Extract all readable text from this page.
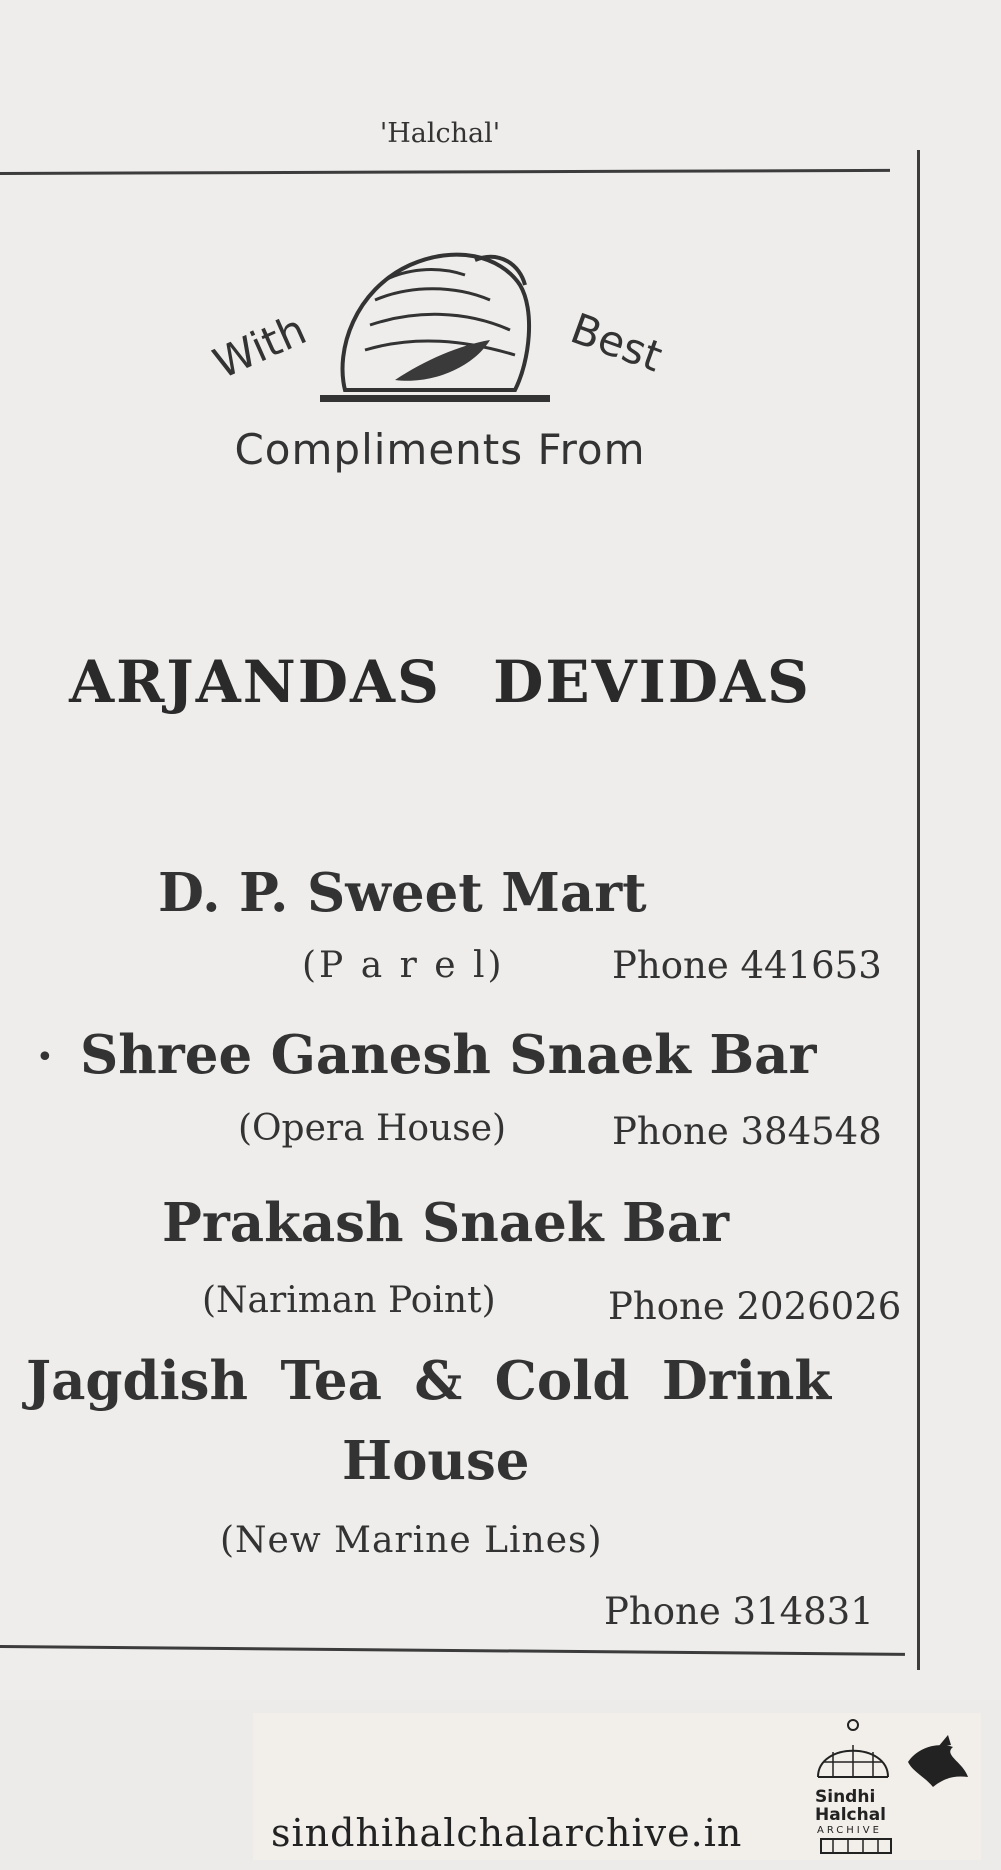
'Halchal'
With	Best
Compliments From
ARJANDAS DEVIDAS
D. P. Sweet Mart
(P a r e l)	Phone 441653
• Shree Ganesh Snaek Bar
(Opera House)	Phone 384548
Prakash Snaek Bar
(Nariman Point)	Phone 2026026
Jagdish Tea & Cold Drink
House
(New Marine Lines)
Phone 314831
sindhihalchalarchive.in
Sindhi
Halchal
ARCHIVE
